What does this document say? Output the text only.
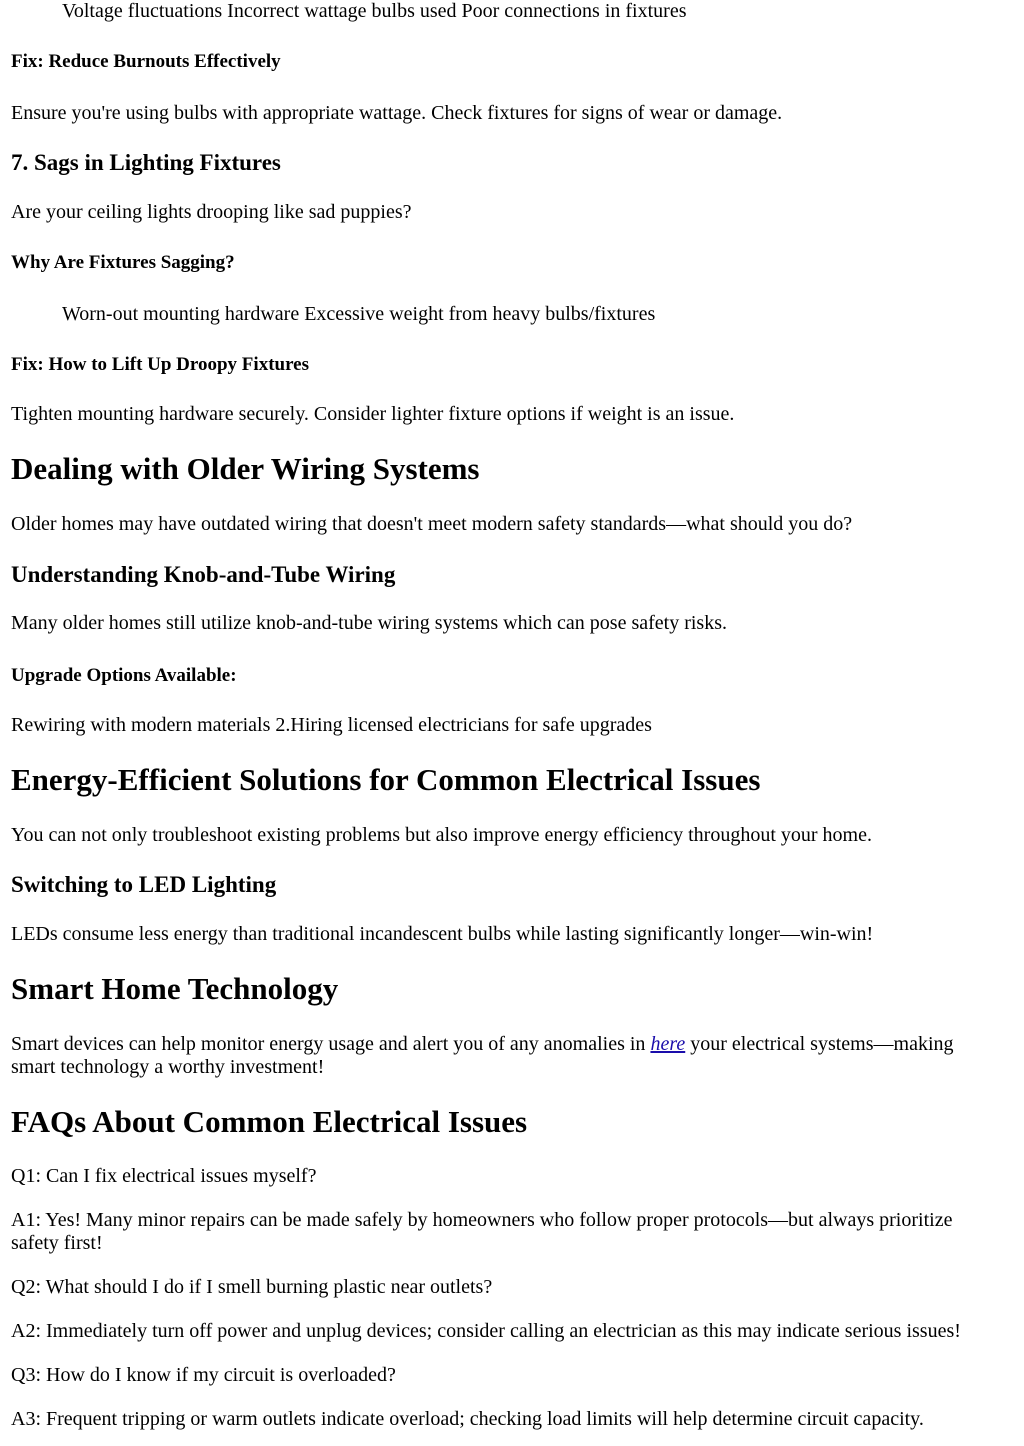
Voltage fluctuations Incorrect wattage bulbs used Poor connections in fixtures

Fix: Reduce Burnouts Effectively

Ensure you're using bulbs with appropriate wattage. Check fixtures for signs of wear or damage.

7. Sags in Lighting Fixtures

Are your ceiling lights drooping like sad puppies?

Why Are Fixtures Sagging?

Worn-out mounting hardware Excessive weight from heavy bulbs/fixtures

Fix: How to Lift Up Droopy Fixtures

Tighten mounting hardware securely. Consider lighter fixture options if weight is an issue.

Dealing with Older Wiring Systems

Older homes may have outdated wiring that doesn't meet modern safety standards—what should you do?

Understanding Knob-and-Tube Wiring

Many older homes still utilize knob-and-tube wiring systems which can pose safety risks.

Upgrade Options Available:

Rewiring with modern materials 2.Hiring licensed electricians for safe upgrades

Energy-Efficient Solutions for Common Electrical Issues

You can not only troubleshoot existing problems but also improve energy efficiency throughout your home.

Switching to LED Lighting

LEDs consume less energy than traditional incandescent bulbs while lasting significantly longer—win-win!

Smart Home Technology

Smart devices can help monitor energy usage and alert you of any anomalies in here your electrical systems—making smart technology a worthy investment!

FAQs About Common Electrical Issues

Q1: Can I fix electrical issues myself?

A1: Yes! Many minor repairs can be made safely by homeowners who follow proper protocols—but always prioritize safety first!

Q2: What should I do if I smell burning plastic near outlets?

A2: Immediately turn off power and unplug devices; consider calling an electrician as this may indicate serious issues!

Q3: How do I know if my circuit is overloaded?

A3: Frequent tripping or warm outlets indicate overload; checking load limits will help determine circuit capacity.
